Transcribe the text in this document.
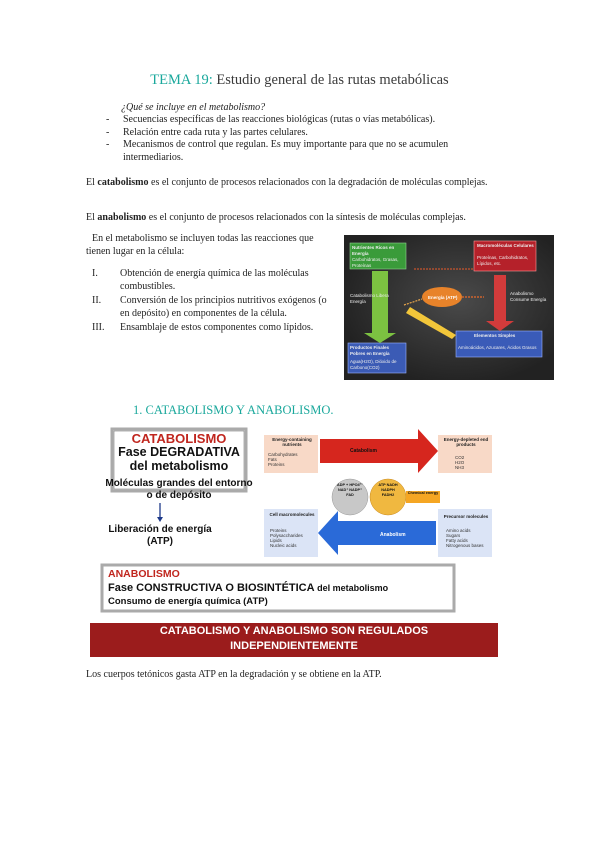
TEMA 19: Estudio general de las rutas metabólicas
¿Qué se incluye en el metabolismo?
- Secuencias específicas de las reacciones biológicas (rutas o vías metabólicas).
- Relación entre cada ruta y las partes celulares.
- Mecanismos de control que regulan. Es muy importante para que no se acumulen intermediarios.
El catabolismo es el conjunto de procesos relacionados con la degradación de moléculas complejas.
El anabolismo es el conjunto de procesos relacionados con la síntesis de moléculas complejas.
En el metabolismo se incluyen todas las reacciones que tienen lugar en la célula:
I. Obtención de energía química de las moléculas combustibles.
II. Conversión de los principios nutritivos exógenos (o en depósito) en componentes de la célula.
III. Ensamblaje de estos componentes como lípidos.
Nutrientes Ricos en Energía
Carbohidratos, Grasas, Proteínas
Macromoléculas Celulares
Proteínas, Carbohidratos, Lípidos, etc.
Catabolismo Libera Energía
Energía (ATP)
Anabolismo Consume Energía
Elementos Simples
Aminoácidos, Azucares, Ácidos Grasos
Productos Finales Pobres en Energía
Agua(H2O), Dióxido de Carbono(CO2)
1. CATABOLISMO Y ANABOLISMO.
CATABOLISMO
Fase DEGRADATIVA
del metabolismo
Moléculas grandes del entorno o de depósito
Liberación de energía (ATP)
Energy-containing nutrients
Carbohydrates
Fats
Proteins
Catabolism
Energy-depleted end products
CO2
H2O
NH3
ADP + HPO4²⁻ NAD⁺ NADP⁺ FAD
ATP NADH NADPH FADH2	Chemical energy
Cell macromolecules
Proteins
Polysaccharides
Lipids
Nucleic acids
Anabolism
Precursor molecules
Amino acids
Sugars
Fatty acids
Nitrogenous bases
ANABOLISMO
Fase CONSTRUCTIVA O BIOSINTÉTICA del metabolismo
Consumo de energía química (ATP)
CATABOLISMO Y ANABOLISMO SON REGULADOS
INDEPENDIENTEMENTE
Los cuerpos tetónicos gasta ATP en la degradación y se obtiene en la ATP.
